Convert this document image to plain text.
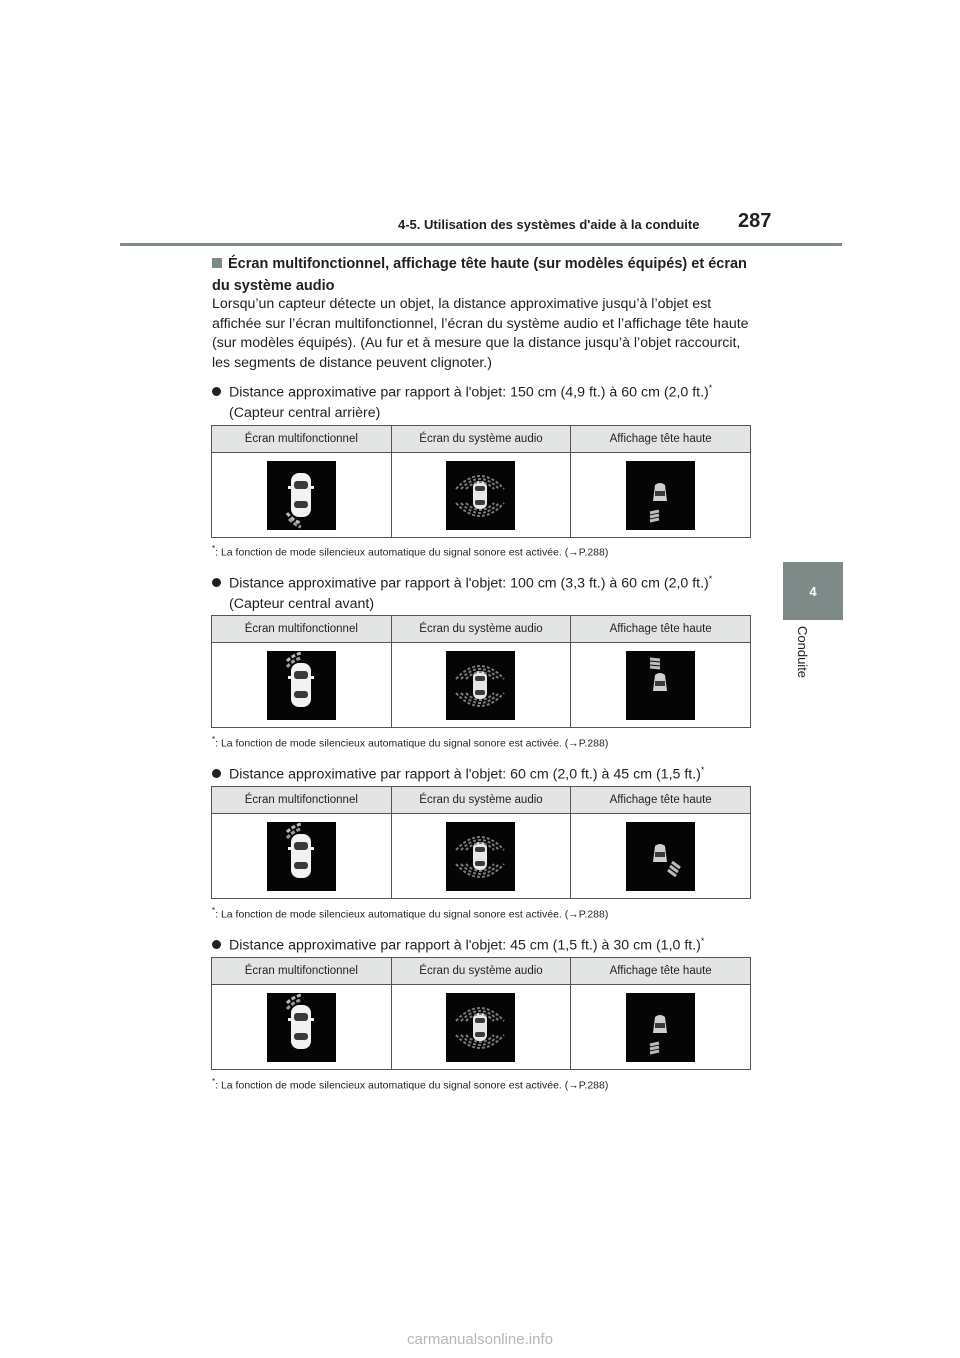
4-5. Utilisation des systèmes d'aide à la conduite 287
4
Conduite
Écran multifonctionnel, affichage tête haute (sur modèles équipés) et écran du système audio
Lorsqu’un capteur détecte un objet, la distance approximative jusqu’à l’objet est affichée sur l’écran multifonctionnel, l’écran du système audio et l’affichage tête haute (sur modèles équipés). (Au fur et à mesure que la distance jusqu’à l’objet raccourcit, les segments de distance peuvent clignoter.)
Distance approximative par rapport à l'objet: 150 cm (4,9 ft.) à 60 cm (2,0 ft.)*
(Capteur central arrière)
Écran multifonctionnel	Écran du système audio	Affichage tête haute

*: La fonction de mode silencieux automatique du signal sonore est activée. (→P.288)
Distance approximative par rapport à l'objet: 100 cm (3,3 ft.) à 60 cm (2,0 ft.)*
(Capteur central avant)
Écran multifonctionnel	Écran du système audio	Affichage tête haute

*: La fonction de mode silencieux automatique du signal sonore est activée. (→P.288)
Distance approximative par rapport à l'objet: 60 cm (2,0 ft.) à 45 cm (1,5 ft.)*
Écran multifonctionnel	Écran du système audio	Affichage tête haute

*: La fonction de mode silencieux automatique du signal sonore est activée. (→P.288)
Distance approximative par rapport à l'objet: 45 cm (1,5 ft.) à 30 cm (1,0 ft.)*
Écran multifonctionnel	Écran du système audio	Affichage tête haute

*: La fonction de mode silencieux automatique du signal sonore est activée. (→P.288)
carmanualsonline.info
